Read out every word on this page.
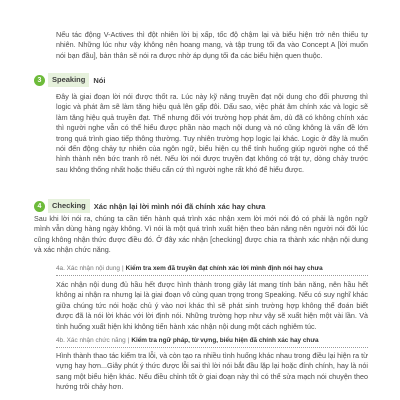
Nếu tác động V-Actives thì đột nhiên lời bị xấp, tốc độ chậm lại và biểu hiện trở nên thiếu tự nhiên. Những lúc như vậy không nên hoang mang, và tập trung tối đa vào Concept A [lời muốn nói bạn đầu], bản thân sẽ nói ra được nhờ áp dụng tối đa các biểu hiện quen thuộc.
3	Speaking	Nói
Đây là giai đoạn lời nói được thốt ra. Lúc này kỹ năng truyền đạt nội dung cho đối phương thì logic và phát âm sẽ làm tăng hiệu quả lên gấp đôi. Dấu sao, việc phát âm chính xác và logic sẽ làm tăng hiệu quả truyền đạt. Thế nhưng đối với trường hợp phát âm, dù đã có không chính xác thì người nghe vẫn có thể hiểu được phần nào mạch nội dung và nó cũng không là vấn đề lớn trong quá trình giao tiếp thông thường. Tuy nhiên trường hợp logic lại khác. Logic ở đây là muốn nói đến động chảy tự nhiên của ngôn ngữ, biểu hiện cụ thể tính huống giúp người nghe có thể hình thành nên bức tranh rõ nét. Nếu lời nói được truyền đạt không có trật tự, dòng chảy trước sau không thống nhất hoặc thiếu cẩn cứ thì người nghe rất khó để hiểu được.
4	Checking	Xác nhận lại lời mình nói đã chính xác hay chưa
Sau khi lời nói ra, chúng ta cần tiến hành quá trình xác nhận xem lời mới nói đó có phải là ngôn ngữ mình vẫn dùng hàng ngày không. Vì nói là một quá trình xuất hiện theo bản năng nên người nói đôi lúc cũng không nhận thức được điều đó. Ở đây xác nhận [checking] được chia ra thành xác nhận nội dung và xác nhận chức năng.
4a. Xác nhận nội dung | Kiểm tra xem đã truyền đạt chính xác lời mình định nói hay chưa
Xác nhận nội dung đủ hầu hết được hình thành trong giây lát mang tính bản năng, nên hầu hết không ai nhận ra nhưng lại là giai đoạn vô cùng quan trọng trong Speaking. Nếu có suy nghĩ khác giữa chúng tức nói hoặc chủ ý vào nơi khác thì sẽ phát sinh trường hợp không thể đoán biết được đã là nói lời khác với lời định nói. Những trường hợp như vậy sẽ xuất hiện một vài lần. Và tình huống xuất hiện khi không tiến hành xác nhận nội dung một cách nghiêm túc.
4b. Xác nhận chức năng | Kiểm tra ngữ pháp, từ vựng, biểu hiện đã chính xác hay chưa
Hình thành thao tác kiểm tra lỗi, và còn tạo ra nhiều tình huống khác nhau trong điều lại hiện ra từ vựng hay hơn...Giây phút ý thức được lỗi sai thì lời nói bắt đầu lặp lại hoặc đính chính, hay là nói sang một biểu hiện khác. Nếu điều chỉnh tốt ở giai đoạn này thì có thể sửa mạch nói chuyện theo hướng trôi chảy hơn.
